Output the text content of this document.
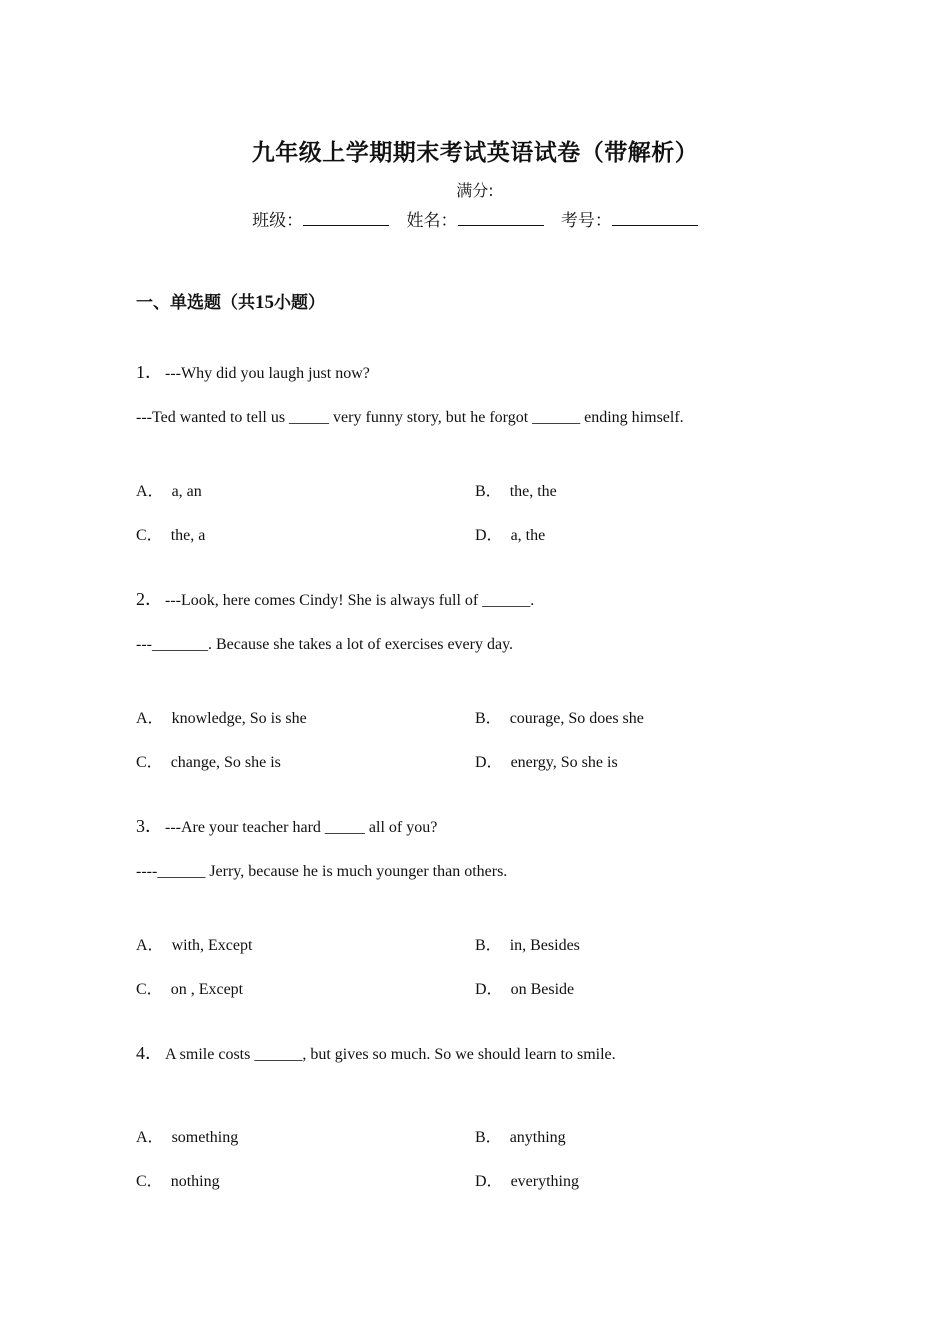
九年级上学期期末考试英语试卷（带解析）
满分:
班级：	姓名：	考号：
一、单选题（共15小题）
1． ---Why did you laugh just now?
---Ted wanted to tell us _____ very funny story, but he forgot ______ ending himself.
A． a, an	B． the, the
C． the, a	D． a, the
2． ---Look, here comes Cindy! She is always full of ______.
---_______. Because she takes a lot of exercises every day.
A． knowledge, So is she	B． courage, So does she
C． change, So she is	D． energy, So she is
3． ---Are your teacher hard _____ all of you?
----______ Jerry, because he is much younger than others.
A． with, Except	B． in, Besides
C． on , Except	D． on Beside
4． A smile costs ______, but gives so much. So we should learn to smile.
A． something	B． anything
C． nothing	D． everything
